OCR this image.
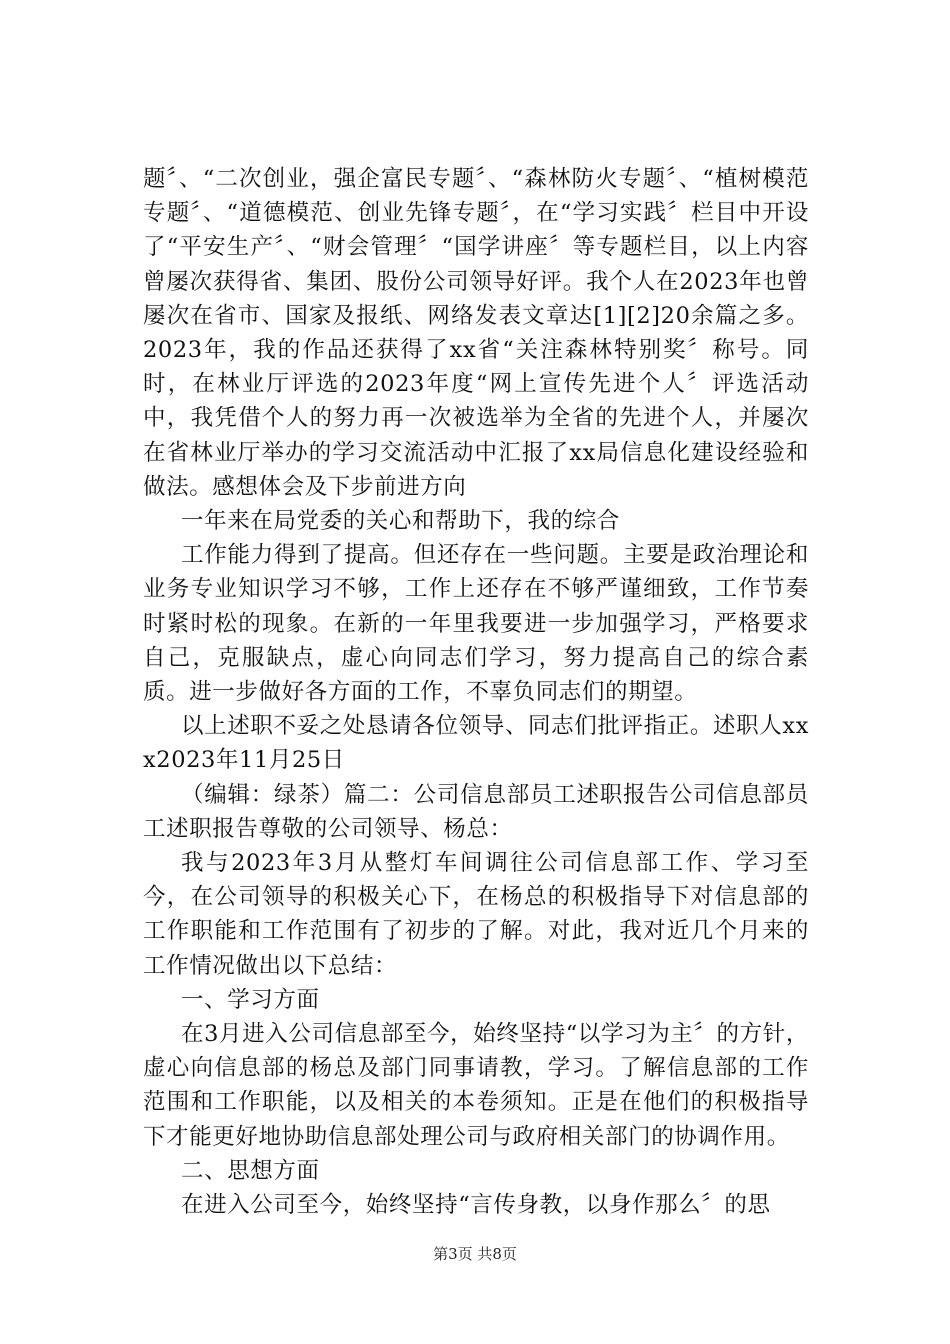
题〞、“二次创业，强企富民专题〞、“森林防火专题〞、“植树模范专题〞、“道德模范、创业先锋专题〞，在“学习实践〞栏目中开设了“平安生产〞、“财会管理〞“国学讲座〞等专题栏目，以上内容曾屡次获得省、集团、股份公司领导好评。我个人在2023年也曾屡次在省市、国家及报纸、网络发表文章达[1][2]20余篇之多。2023年，我的作品还获得了xx省“关注森林特别奖〞称号。同时，在林业厅评选的2023年度“网上宣传先进个人〞评选活动中，我凭借个人的努力再一次被选举为全省的先进个人，并屡次在省林业厅举办的学习交流活动中汇报了xx局信息化建设经验和做法。感想体会及下步前进方向

一年来在局党委的关心和帮助下，我的综合

工作能力得到了提高。但还存在一些问题。主要是政治理论和业务专业知识学习不够，工作上还存在不够严谨细致，工作节奏时紧时松的现象。在新的一年里我要进一步加强学习，严格要求自己，克服缺点，虚心向同志们学习，努力提高自己的综合素质。进一步做好各方面的工作，不辜负同志们的期望。

以上述职不妥之处恳请各位领导、同志们批评指正。述职人xxx2023年11月25日

（编辑：绿茶）篇二：公司信息部员工述职报告公司信息部员工述职报告尊敬的公司领导、杨总：

我与2023年3月从整灯车间调往公司信息部工作、学习至今，在公司领导的积极关心下，在杨总的积极指导下对信息部的工作职能和工作范围有了初步的了解。对此，我对近几个月来的工作情况做出以下总结：

一、学习方面

在3月进入公司信息部至今，始终坚持“以学习为主〞的方针，虚心向信息部的杨总及部门同事请教，学习。了解信息部的工作范围和工作职能，以及相关的本卷须知。正是在他们的积极指导下才能更好地协助信息部处理公司与政府相关部门的协调作用。

二、思想方面

在进入公司至今，始终坚持“言传身教，以身作那么〞的思

第3页 共8页
